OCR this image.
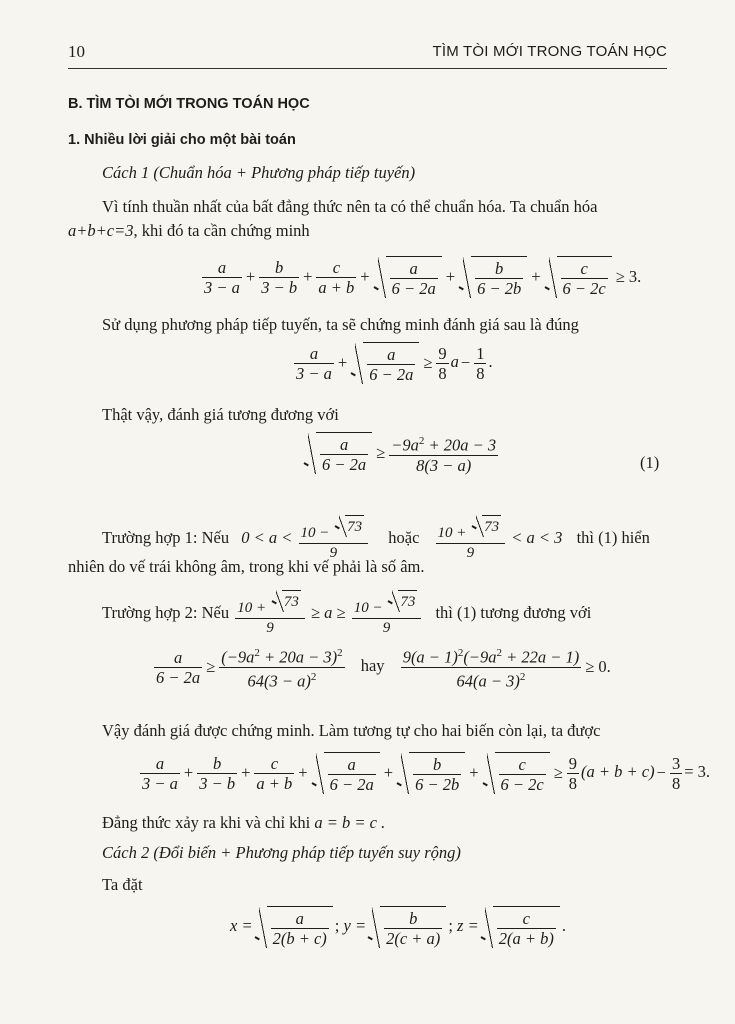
10	TÌM TÒI MỚI TRONG TOÁN HỌC
B. TÌM TÒI MỚI TRONG TOÁN HỌC
1. Nhiều lời giải cho một bài toán
Cách 1 (Chuẩn hóa + Phương pháp tiếp tuyến)
Vì tính thuần nhất của bất đẳng thức nên ta có thể chuẩn hóa. Ta chuẩn hóa
a+b+c=3, khi đó ta cần chứng minh
$\frac{a}{3 - a} + \frac{b}{3 - b} + \frac{c}{a + b} + \frac{a}{6 - 2a} + \frac{b}{6 - 2b} + \frac{c}{6 - 2c} \ge 3$.
Sử dụng phương pháp tiếp tuyến, ta sẽ chứng minh đánh giá sau là đúng
$\frac{a}{3 - a} + \frac{a}{6 - 2a} \ge \frac{9}{8}$ $a - \frac{1}{8}$ .
Thật vậy, đánh giá tương đương với
$\frac{a}{6 - 2a} \ge \frac{-9a^2 + 20a - 3}{8(3 - a)}$	(1)
Trường hợp 1: Nếu $0 < a < \frac{10 - 73}{9}$ hoặc $\frac{10 + 73}{9} < a < 3$ thì (1) hiển
nhiên do vế trái không âm, trong khi vế phải là số âm.
Trường hợp 2: Nếu $\frac{10 + 73}{9} \ge a \ge \frac{10 - 73}{9}$ thì (1) tương đương với
$\frac{a}{6 - 2a} \ge \frac{(-9a^2 + 20a - 3)^2}{64(3 - a)^2}$ hay $\frac{9(a - 1)^2(-9a^2 + 22a - 1)}{64(a - 3)^2} \ge 0$.
Vậy đánh giá được chứng minh. Làm tương tự cho hai biến còn lại, ta được
$\frac{a}{3 - a} + \frac{b}{3 - b} + \frac{c}{a + b} + \frac{a}{6 - 2a} + \frac{b}{6 - 2b} + \frac{c}{6 - 2c} \ge \frac{9}{8} (a + b + c) - \frac{3}{8} = 3$.
Đẳng thức xảy ra khi và chỉ khi a = b = c .
Cách 2 (Đổi biến + Phương pháp tiếp tuyến suy rộng)
Ta đặt
$x = \frac{a}{2(b + c)}$ ; $y = \frac{b}{2(c + a)}$ ; $z = \frac{c}{2(a + b)}$ .
